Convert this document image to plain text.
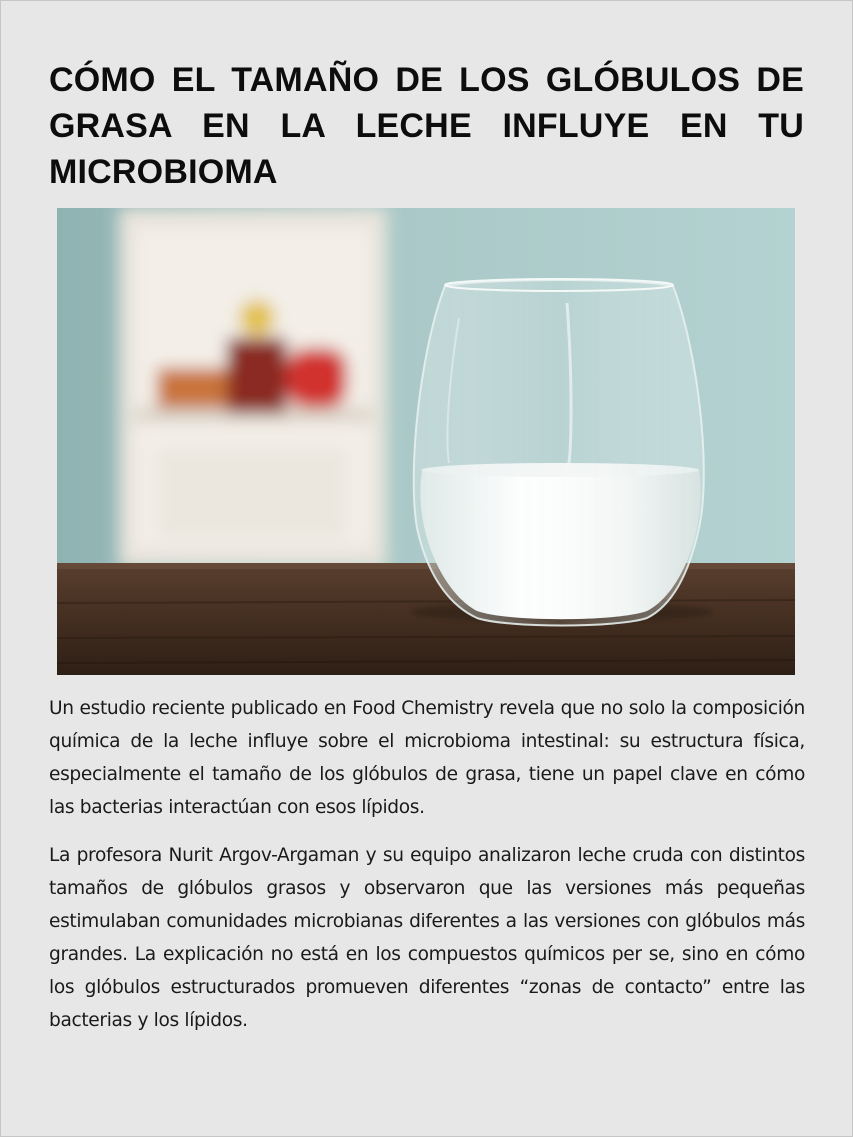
CÓMO EL TAMAÑO DE LOS GLÓBULOS DE GRASA EN LA LECHE INFLUYE EN TU MICROBIOMA

Un estudio reciente publicado en Food Chemistry revela que no solo la composición química de la leche influye sobre el microbioma intestinal: su estructura física, especialmente el tamaño de los glóbulos de grasa, tiene un papel clave en cómo las bacterias interactúan con esos lípidos.

La profesora Nurit Argov-Argaman y su equipo analizaron leche cruda con distintos tamaños de glóbulos grasos y observaron que las versiones más pequeñas estimulaban comunidades microbianas diferentes a las versiones con glóbulos más grandes. La explicación no está en los compuestos químicos per se, sino en cómo los glóbulos estructurados promueven diferentes “zonas de contacto” entre las bacterias y los lípidos.
